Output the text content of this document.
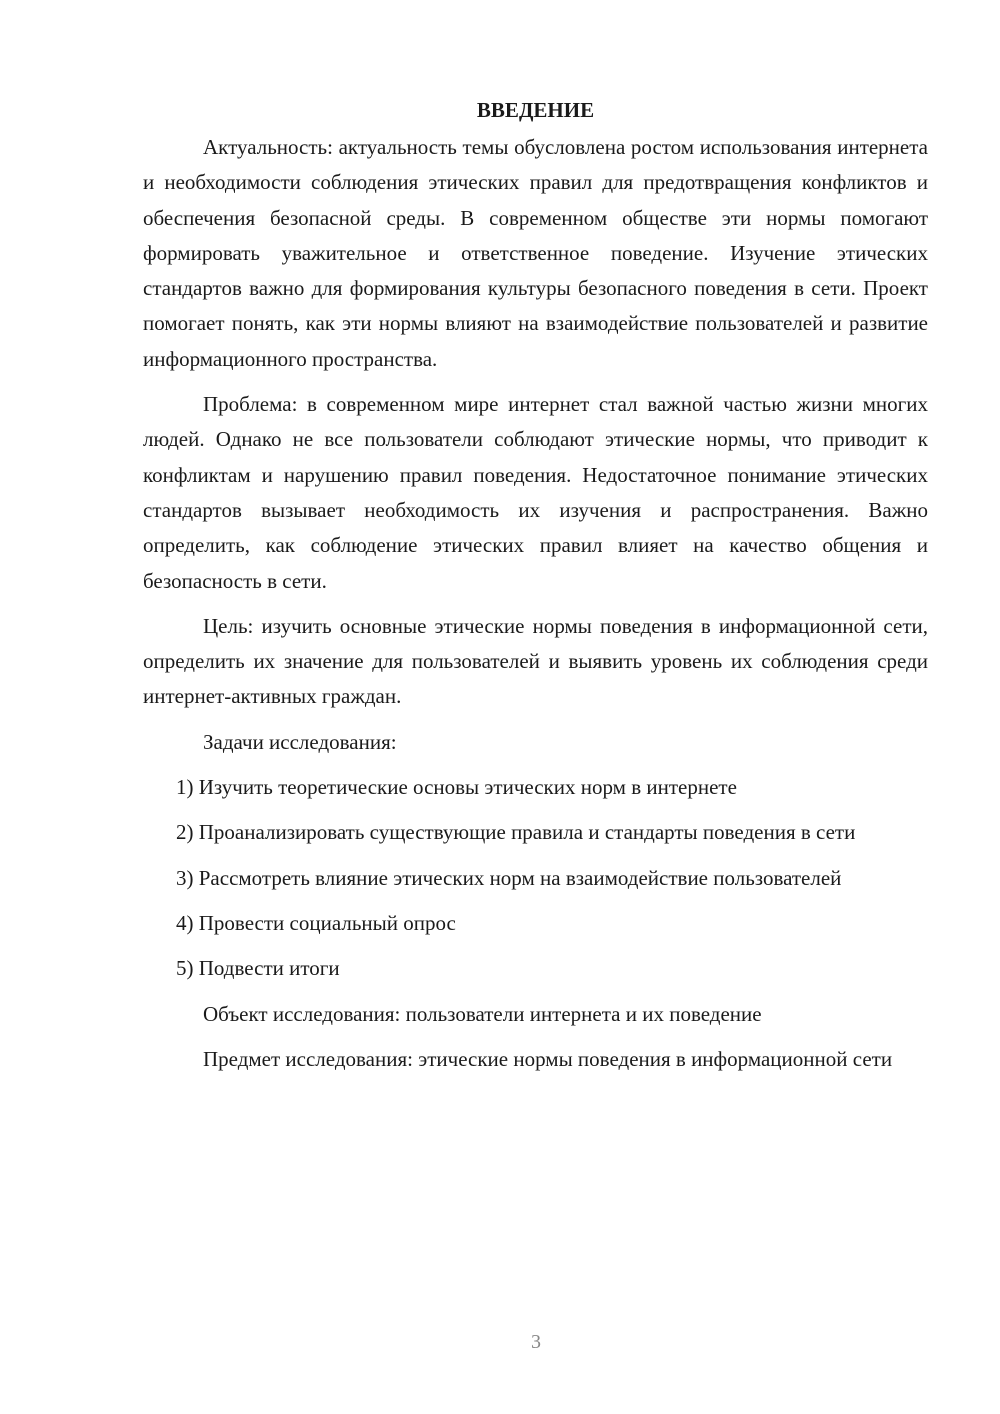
ВВЕДЕНИЕ

Актуальность: актуальность темы обусловлена ростом использования интернета и необходимости соблюдения этических правил для предотвращения конфликтов и обеспечения безопасной среды. В современном обществе эти нормы помогают формировать уважительное и ответственное поведение. Изучение этических стандартов важно для формирования культуры безопасного поведения в сети. Проект помогает понять, как эти нормы влияют на взаимодействие пользователей и развитие информационного пространства.

Проблема: в современном мире интернет стал важной частью жизни многих людей. Однако не все пользователи соблюдают этические нормы, что приводит к конфликтам и нарушению правил поведения. Недостаточное понимание этических стандартов вызывает необходимость их изучения и распространения. Важно определить, как соблюдение этических правил влияет на качество общения и безопасность в сети.

Цель: изучить основные этические нормы поведения в информационной сети, определить их значение для пользователей и выявить уровень их соблюдения среди интернет-активных граждан.

Задачи исследования:

1) Изучить теоретические основы этических норм в интернете

2) Проанализировать существующие правила и стандарты поведения в сети

3) Рассмотреть влияние этических норм на взаимодействие пользователей

4) Провести социальный опрос

5) Подвести итоги

Объект исследования: пользователи интернета и их поведение

Предмет исследования: этические нормы поведения в информационной сети

3
